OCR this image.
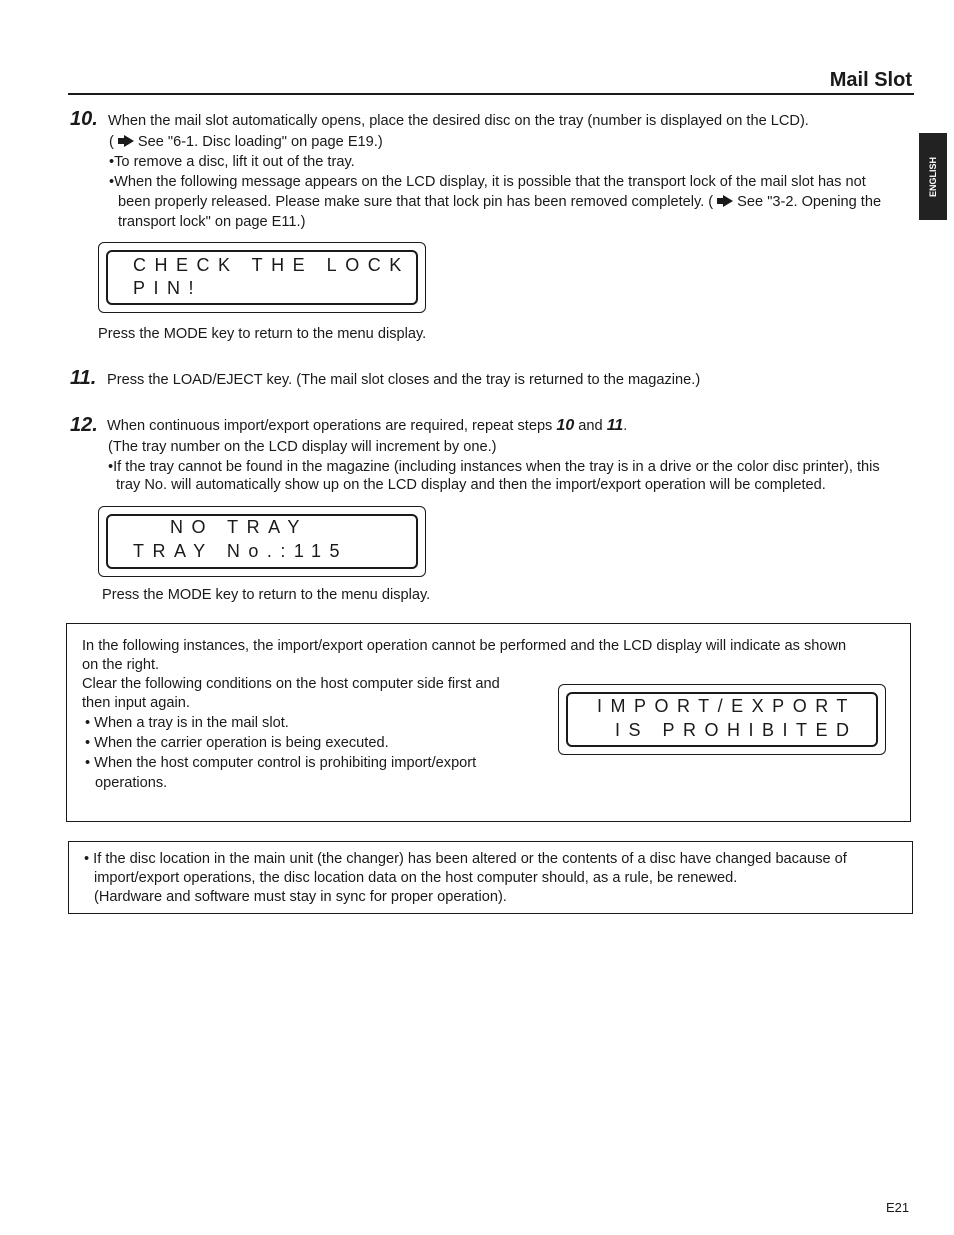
Mail Slot
ENGLISH
10. When the mail slot automatically opens, place the desired disc on the tray (number is displayed on the LCD).
( See "6-1. Disc loading" on page E19.)
•To remove a disc, lift it out of the tray.
•When the following message appears on the LCD display, it is possible that the transport lock of the mail slot has not
been properly released. Please make sure that that lock pin has been removed completely. ( See "3-2. Opening the
transport lock" on page E11.)
CHECK THE LOCK
PIN!
Press the MODE key to return to the menu display.
11. Press the LOAD/EJECT key. (The mail slot closes and the tray is returned to the magazine.)
12. When continuous import/export operations are required, repeat steps 10 and 11.
(The tray number on the LCD display will increment by one.)
•If the tray cannot be found in the magazine (including instances when the tray is in a drive or the color disc printer), this
tray No. will automatically show up on the LCD display and then the import/export operation will be completed.
NO TRAY
TRAY No.:115
Press the MODE key to return to the menu display.
In the following instances, the import/export operation cannot be performed and the LCD display will indicate as shown
on the right.
Clear the following conditions on the host computer side first and
then input again.
• When a tray is in the mail slot.
• When the carrier operation is being executed.
• When the host computer control is prohibiting import/export
operations.
IMPORT/EXPORT
IS PROHIBITED
• If the disc location in the main unit (the changer) has been altered or the contents of a disc have changed bacause of
import/export operations, the disc location data on the host computer should, as a rule, be renewed.
(Hardware and software must stay in sync for proper operation).
E21
